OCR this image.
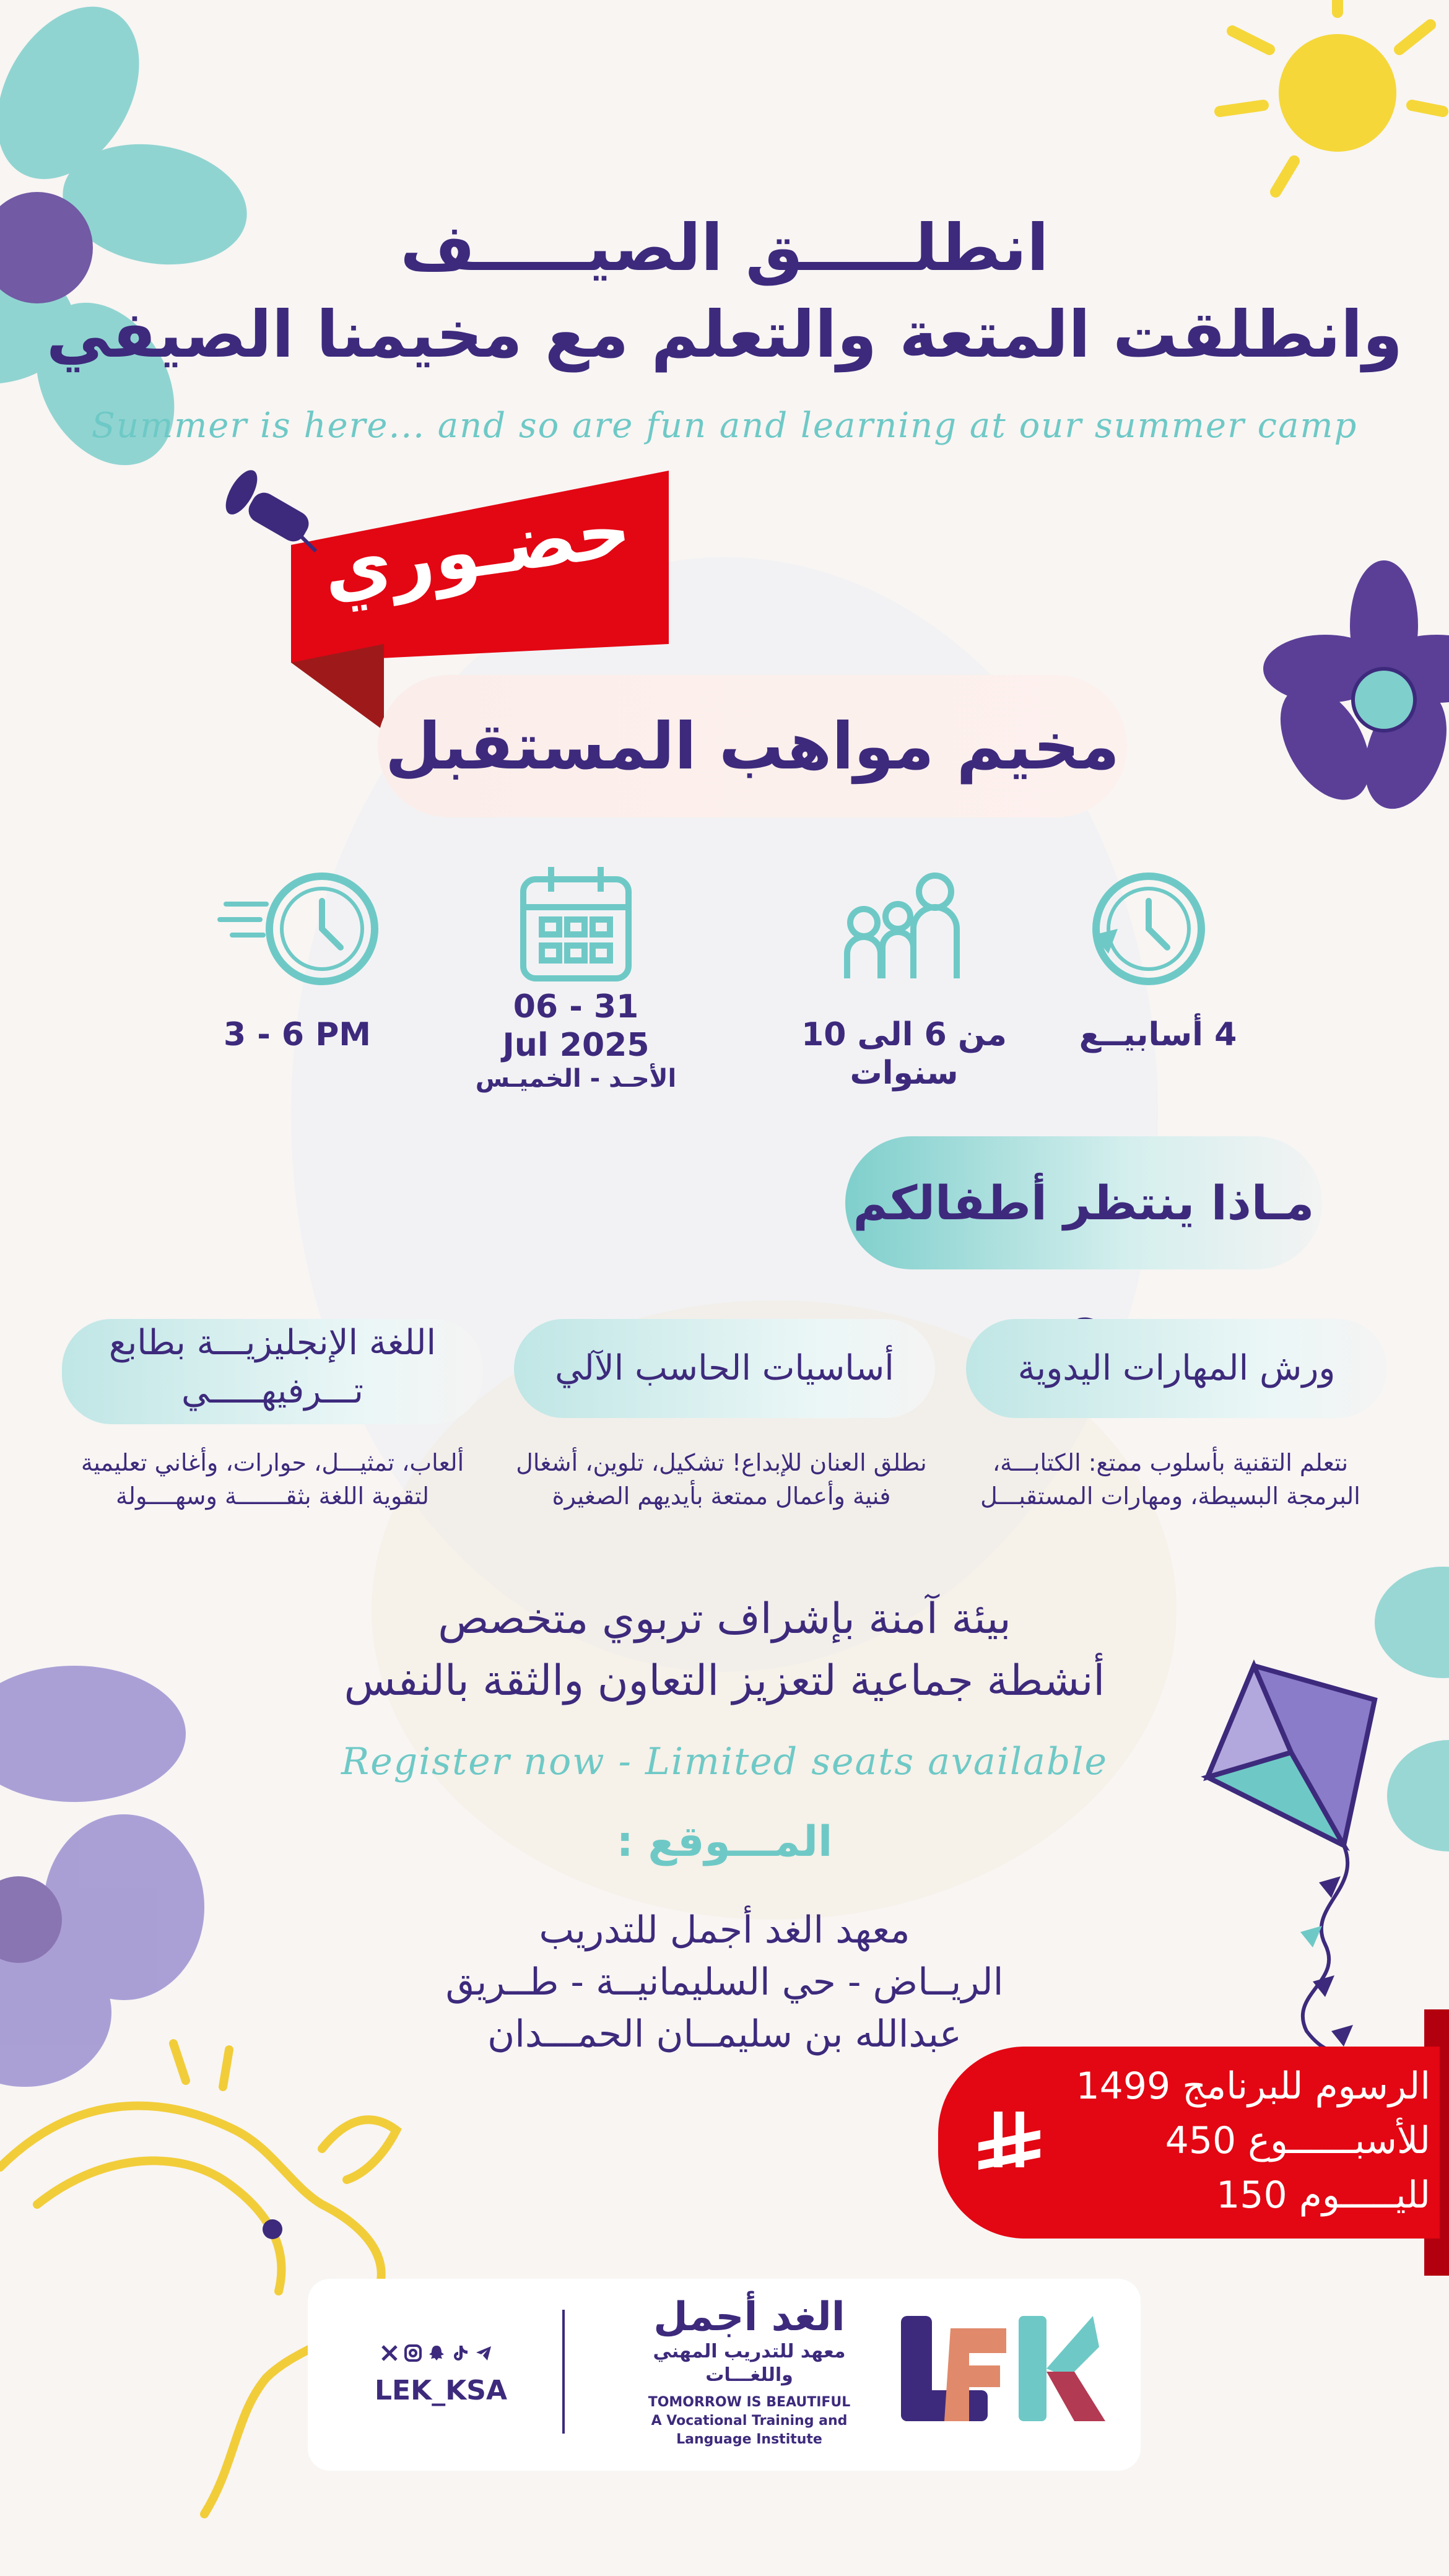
انطلـــــق الصيـــــف
وانطلقت المتعة والتعلم مع مخيمنا الصيفي
Summer is here... and so are fun and learning at our summer camp
حضـوري
مخيم مواهب المستقبل
4 أسابيــع
من 6 الى 10 سنوات
06 - 31
Jul 2025
الأحـد - الخميـس
3 - 6 PM
مـاذا ينتظر أطفالكم
ورش المهارات اليدوية
نتعلم التقنية بأسلوب ممتع: الكتابـــة،
البرمجة البسيطة، ومهارات المستقبـــل
أساسيات الحاسب الآلي
نطلق العنان للإبداع! تشكيل، تلوين، أشغال
فنية وأعمال ممتعة بأيديهم الصغيرة
اللغة الإنجليزيـــة بطابع
تـــرفيهـــــي
ألعاب، تمثيـــل، حوارات، وأغاني تعليمية
لتقوية اللغة بثقـــــــة وسهــــولة
بيئة آمنة بإشراف تربوي متخصص
أنشطة جماعية لتعزيز التعاون والثقة بالنفس
Register now - Limited seats available
المـــوقع :
معهد الغد أجمل للتدريب
الريــاض - حي السليمانيــة - طــريق
عبدالله بن سليمــان الحمـــدان
الرسوم للبرنامج 1499
للأسبــــــوع 450
لليـــــوم 150
LEK_KSA
الغد أجمل
معهد للتدريب المهني
واللغـــات
TOMORROW IS BEAUTIFUL
A Vocational Training and
Language Institute
